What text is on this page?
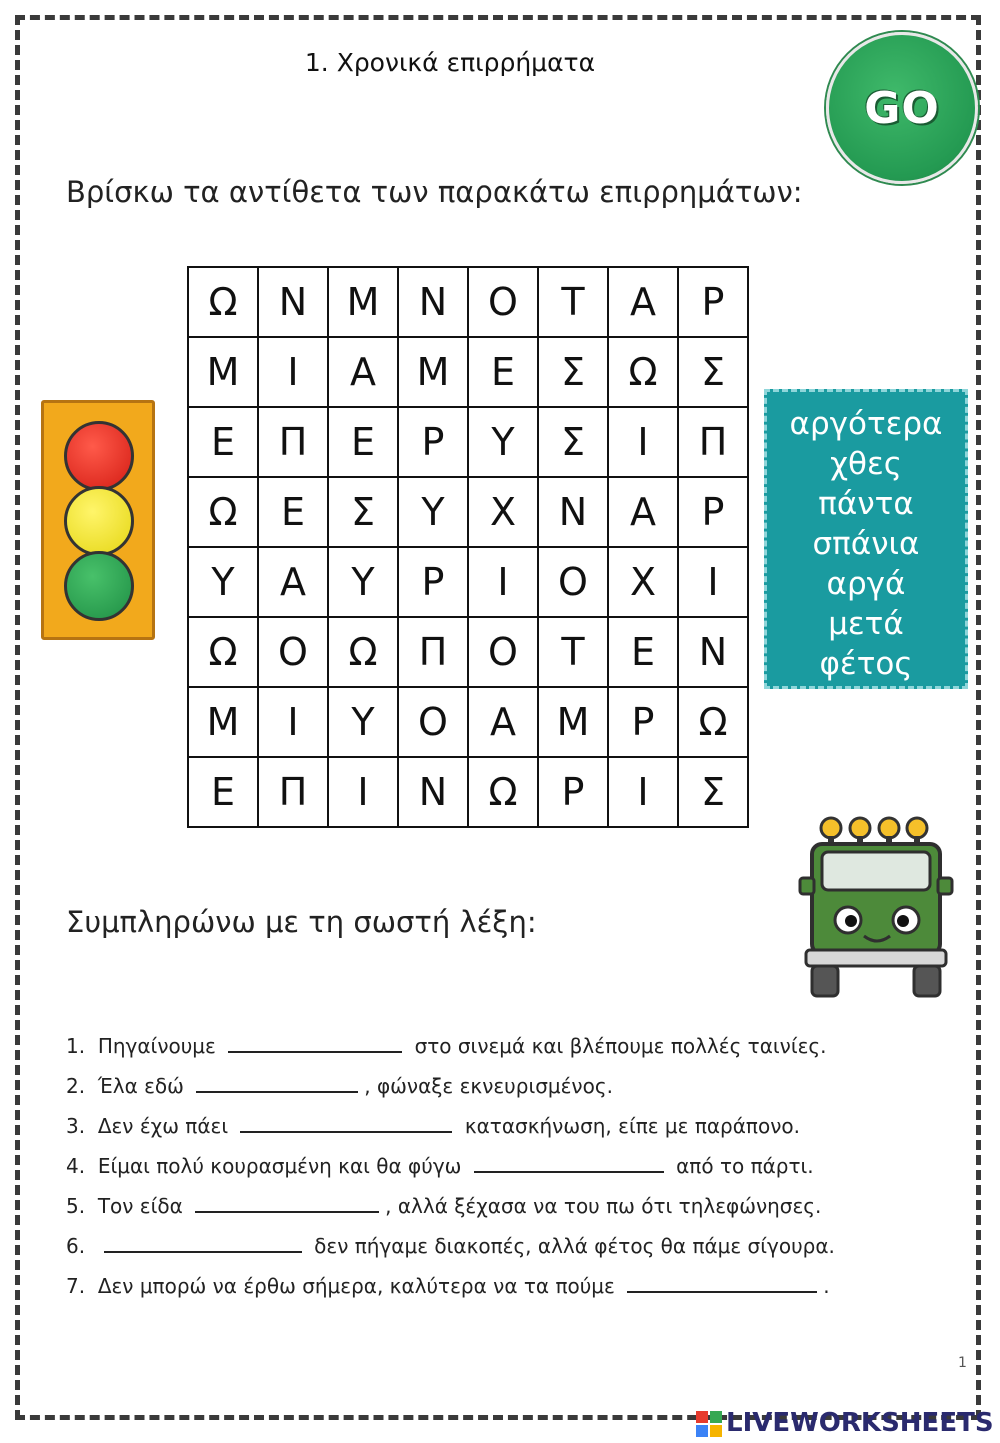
1. Χρονικά επιρρήματα
GO
Βρίσκω τα αντίθετα των παρακάτω επιρρημάτων:
Ω	Ν	Μ	Ν	Ο	Τ	Α	Ρ
Μ	Ι	Α	Μ	Ε	Σ	Ω	Σ
Ε	Π	Ε	Ρ	Υ	Σ	Ι	Π
Ω	Ε	Σ	Υ	Χ	Ν	Α	Ρ
Υ	Α	Υ	Ρ	Ι	Ο	Χ	Ι
Ω	Ο	Ω	Π	Ο	Τ	Ε	Ν
Μ	Ι	Υ	Ο	Α	Μ	Ρ	Ω
Ε	Π	Ι	Ν	Ω	Ρ	Ι	Σ
αργότερα
χθες
πάντα
σπάνια
αργά
μετά
φέτος
Συμπληρώνω με τη σωστή λέξη:
1. Πηγαίνουμε	στο σινεμά και βλέπουμε πολλές ταινίες.
2. Έλα εδώ	, φώναξε εκνευρισμένος.
3. Δεν έχω πάει	κατασκήνωση, είπε με παράπονο.
4. Είμαι πολύ κουρασμένη και θα φύγω	από το πάρτι.
5. Τον είδα	, αλλά ξέχασα να του πω ότι τηλεφώνησες.
6.	δεν πήγαμε διακοπές, αλλά φέτος θα πάμε σίγουρα.
7. Δεν μπορώ να έρθω σήμερα, καλύτερα να τα πούμε	.
1
LIVEWORKSHEETS
